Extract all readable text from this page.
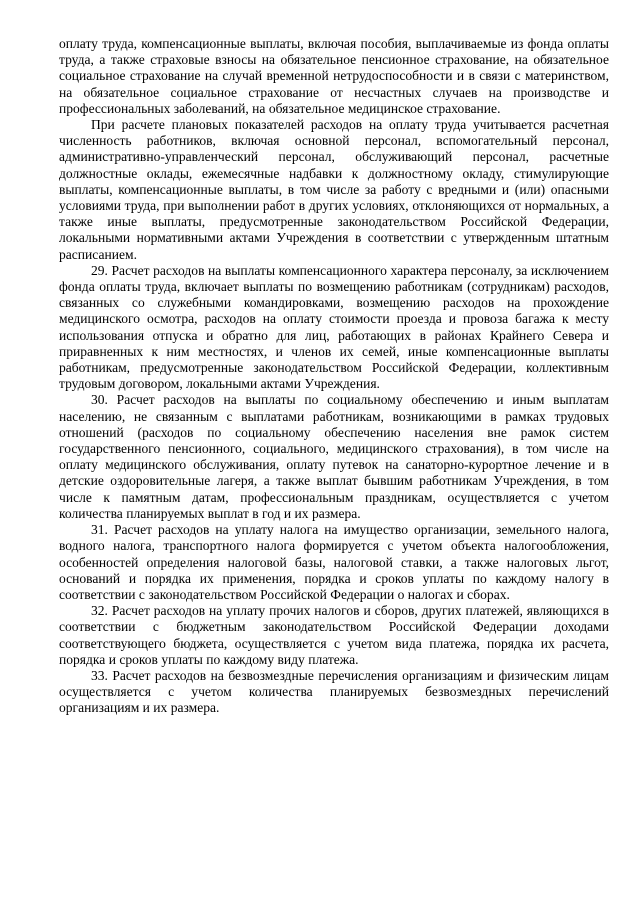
оплату труда, компенсационные выплаты, включая пособия, выплачиваемые из фонда оплаты труда, а также страховые взносы на обязательное пенсионное страхование, на обязательное социальное страхование на случай временной нетрудоспособности и в связи с материнством, на обязательное социальное страхование от несчастных случаев на производстве и профессиональных заболеваний, на обязательное медицинское страхование.

При расчете плановых показателей расходов на оплату труда учитывается расчетная численность работников, включая основной персонал, вспомогательный персонал, административно-управленческий персонал, обслуживающий персонал, расчетные должностные оклады, ежемесячные надбавки к должностному окладу, стимулирующие выплаты, компенсационные выплаты, в том числе за работу с вредными и (или) опасными условиями труда, при выполнении работ в других условиях, отклоняющихся от нормальных, а также иные выплаты, предусмотренные законодательством Российской Федерации, локальными нормативными актами Учреждения в соответствии с утвержденным штатным расписанием.

29. Расчет расходов на выплаты компенсационного характера персоналу, за исключением фонда оплаты труда, включает выплаты по возмещению работникам (сотрудникам) расходов, связанных со служебными командировками, возмещению расходов на прохождение медицинского осмотра, расходов на оплату стоимости проезда и провоза багажа к месту использования отпуска и обратно для лиц, работающих в районах Крайнего Севера и приравненных к ним местностях, и членов их семей, иные компенсационные выплаты работникам, предусмотренные законодательством Российской Федерации, коллективным трудовым договором, локальными актами Учреждения.

30. Расчет расходов на выплаты по социальному обеспечению и иным выплатам населению, не связанным с выплатами работникам, возникающими в рамках трудовых отношений (расходов по социальному обеспечению населения вне рамок систем государственного пенсионного, социального, медицинского страхования), в том числе на оплату медицинского обслуживания, оплату путевок на санаторно-курортное лечение и в детские оздоровительные лагеря, а также выплат бывшим работникам Учреждения, в том числе к памятным датам, профессиональным праздникам, осуществляется с учетом количества планируемых выплат в год и их размера.

31. Расчет расходов на уплату налога на имущество организации, земельного налога, водного налога, транспортного налога формируется с учетом объекта налогообложения, особенностей определения налоговой базы, налоговой ставки, а также налоговых льгот, оснований и порядка их применения, порядка и сроков уплаты по каждому налогу в соответствии с законодательством Российской Федерации о налогах и сборах.

32. Расчет расходов на уплату прочих налогов и сборов, других платежей, являющихся в соответствии с бюджетным законодательством Российской Федерации доходами соответствующего бюджета, осуществляется с учетом вида платежа, порядка их расчета, порядка и сроков уплаты по каждому виду платежа.

33. Расчет расходов на безвозмездные перечисления организациям и физическим лицам осуществляется с учетом количества планируемых безвозмездных перечислений организациям и их размера.
